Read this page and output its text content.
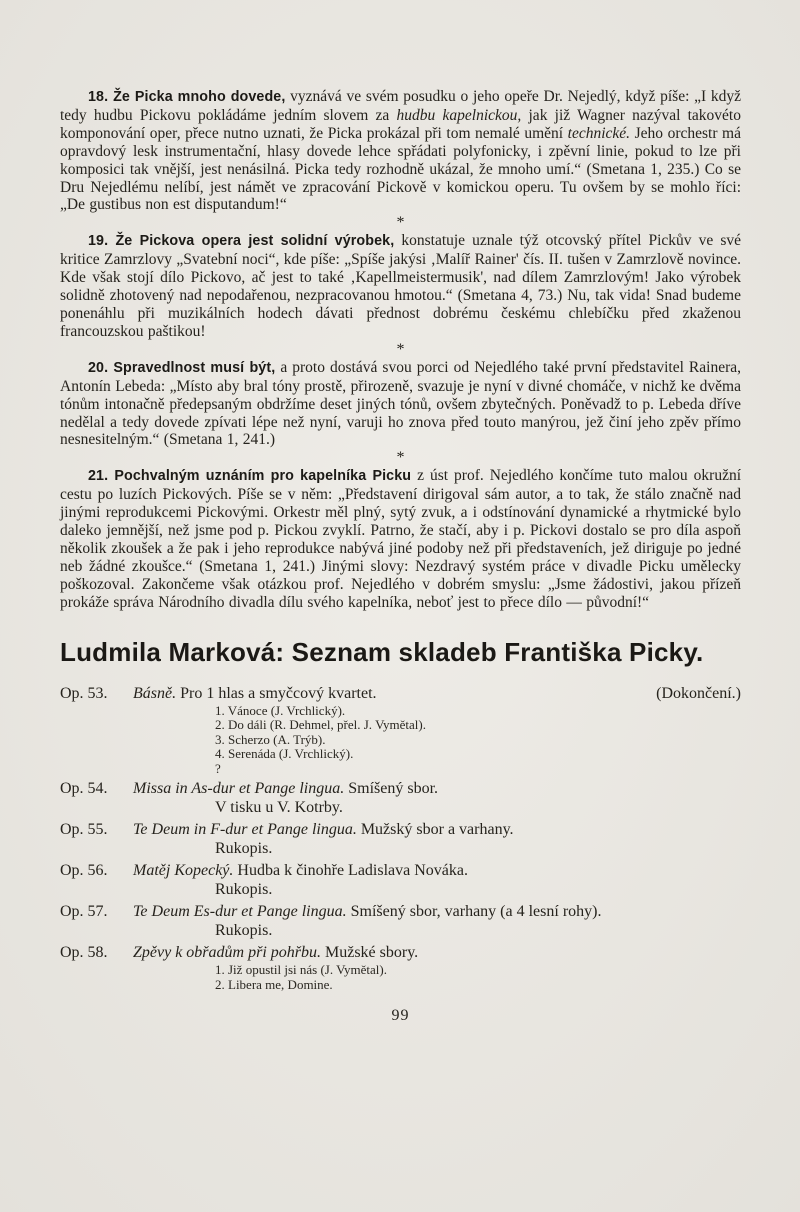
18. Že Picka mnoho dovede, vyznává ve svém posudku o jeho opeře Dr. Nejedlý, když píše: „I když tedy hudbu Pickovu pokládáme jedním slovem za hudbu kapelnickou, jak již Wagner nazýval takovéto komponování oper, přece nutno uznati, že Picka prokázal při tom nemalé umění technické. Jeho orchestr má opravdový lesk instrumentační, hlasy dovede lehce spřádati polyfonicky, i zpěvní linie, pokud to lze při komposici tak vnější, jest nenásilná. Picka tedy rozhodně ukázal, že mnoho umí.“ (Smetana 1, 235.) Co se Dru Nejedlému nelíbí, jest námět ve zpracování Pickově v komickou operu. Tu ovšem by se mohlo říci: „De gustibus non est disputandum!“

*

19. Že Pickova opera jest solidní výrobek, konstatuje uznale týž otcovský přítel Pickův ve své kritice Zamrzlovy „Svatební noci“, kde píše: „Spíše jakýsi ‚Malíř Rainer' čís. II. tušen v Zamrzlově novince. Kde však stojí dílo Pickovo, ač jest to také ‚Kapellmeistermusik', nad dílem Zamrzlovým! Jako výrobek solidně zhotovený nad nepodařenou, nezpracovanou hmotou.“ (Smetana 4, 73.) Nu, tak vida! Snad budeme ponenáhlu při muzikálních hodech dávati přednost dobrému českému chlebíčku před zkaženou francouzskou paštikou!

*

20. Spravedlnost musí být, a proto dostává svou porci od Nejedlého také první představitel Rainera, Antonín Lebeda: „Místo aby bral tóny prostě, přirozeně, svazuje je nyní v divné chomáče, v nichž ke dvěma tónům intonačně předepsaným obdržíme deset jiných tónů, ovšem zbytečných. Poněvadž to p. Lebeda dříve nedělal a tedy dovede zpívati lépe než nyní, varuji ho znova před touto manýrou, jež činí jeho zpěv přímo nesnesitelným.“ (Smetana 1, 241.)

*

21. Pochvalným uznáním pro kapelníka Picku z úst prof. Nejedlého končíme tuto malou okružní cestu po luzích Pickových. Píše se v něm: „Představení dirigoval sám autor, a to tak, že stálo značně nad jinými reprodukcemi Pickovými. Orkestr měl plný, sytý zvuk, a i odstínování dynamické a rhytmické bylo daleko jemnější, než jsme pod p. Pickou zvyklí. Patrno, že stačí, aby i p. Pickovi dostalo se pro díla aspoň několik zkoušek a že pak i jeho reprodukce nabývá jiné podoby než při představeních, jež diriguje po jedné neb žádné zkoušce.“ (Smetana 1, 241.) Jinými slovy: Nezdravý systém práce v divadle Picku umělecky poškozoval. Zakončeme však otázkou prof. Nejedlého v dobrém smyslu: „Jsme žádostivi, jakou přízeň prokáže správa Národního divadla dílu svého kapelníka, neboť jest to přece dílo — původní!“

Ludmila Marková: Seznam skladeb Františka Picky.
(Dokončení.)
Op. 53.	Básně. Pro 1 hlas a smyčcový kvartet.
1. Vánoce (J. Vrchlický).
2. Do dáli (R. Dehmel, přel. J. Vymětal).
3. Scherzo (A. Trýb).
4. Serenáda (J. Vrchlický).
?
Op. 54.	Missa in As-dur et Pange lingua. Smíšený sbor.
V tisku u V. Kotrby.
Op. 55.	Te Deum in F-dur et Pange lingua. Mužský sbor a varhany.
Rukopis.
Op. 56.	Matěj Kopecký. Hudba k činohře Ladislava Nováka.
Rukopis.
Op. 57.	Te Deum Es-dur et Pange lingua. Smíšený sbor, varhany (a 4 lesní rohy).
Rukopis.
Op. 58.	Zpěvy k obřadům při pohřbu. Mužské sbory.
1. Již opustil jsi nás (J. Vymětal).
2. Libera me, Domine.
99
